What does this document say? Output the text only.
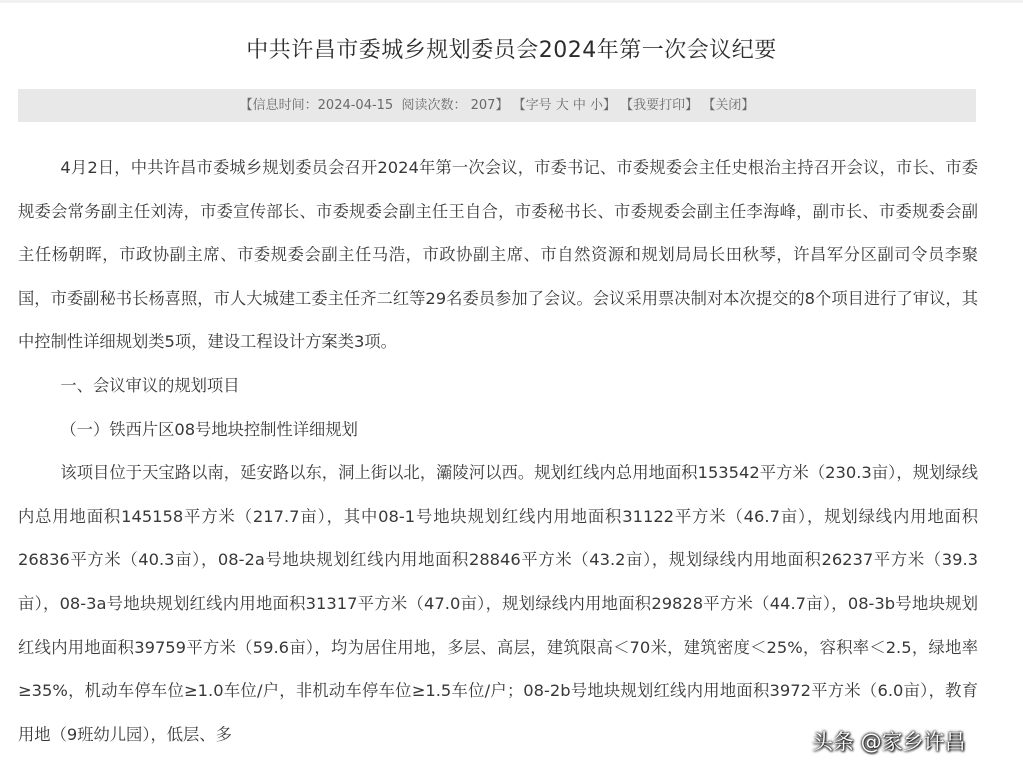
中共许昌市委城乡规划委员会2024年第一次会议纪要
【信息时间：2024-04-15 阅读次数： 207】 【字号 大 中 小】 【我要打印】 【关闭】

4月2日，中共许昌市委城乡规划委员会召开2024年第一次会议，市委书记、市委规委会主任史根治主持召开会议，市长、市委规委会常务副主任刘涛，市委宣传部长、市委规委会副主任王自合，市委秘书长、市委规委会副主任李海峰，副市长、市委规委会副主任杨朝晖，市政协副主席、市委规委会副主任马浩，市政协副主席、市自然资源和规划局局长田秋琴，许昌军分区副司令员李聚国，市委副秘书长杨喜照，市人大城建工委主任齐二红等29名委员参加了会议。会议采用票决制对本次提交的8个项目进行了审议，其中控制性详细规划类5项，建设工程设计方案类3项。

一、会议审议的规划项目

（一）铁西片区08号地块控制性详细规划

该项目位于天宝路以南，延安路以东，洞上街以北，灞陵河以西。规划红线内总用地面积153542平方米（230.3亩），规划绿线内总用地面积145158平方米（217.7亩），其中08-1号地块规划红线内用地面积31122平方米（46.7亩），规划绿线内用地面积26836平方米（40.3亩），08-2a号地块规划红线内用地面积28846平方米（43.2亩），规划绿线内用地面积26237平方米（39.3亩），08-3a号地块规划红线内用地面积31317平方米（47.0亩），规划绿线内用地面积29828平方米（44.7亩），08-3b号地块规划红线内用地面积39759平方米（59.6亩），均为居住用地，多层、高层，建筑限高＜70米，建筑密度＜25%，容积率＜2.5，绿地率≥35%，机动车停车位≥1.0车位/户，非机动车停车位≥1.5车位/户；08-2b号地块规划红线内用地面积3972平方米（6.0亩），教育用地（9班幼儿园），低层、多	头条 @家乡许昌
